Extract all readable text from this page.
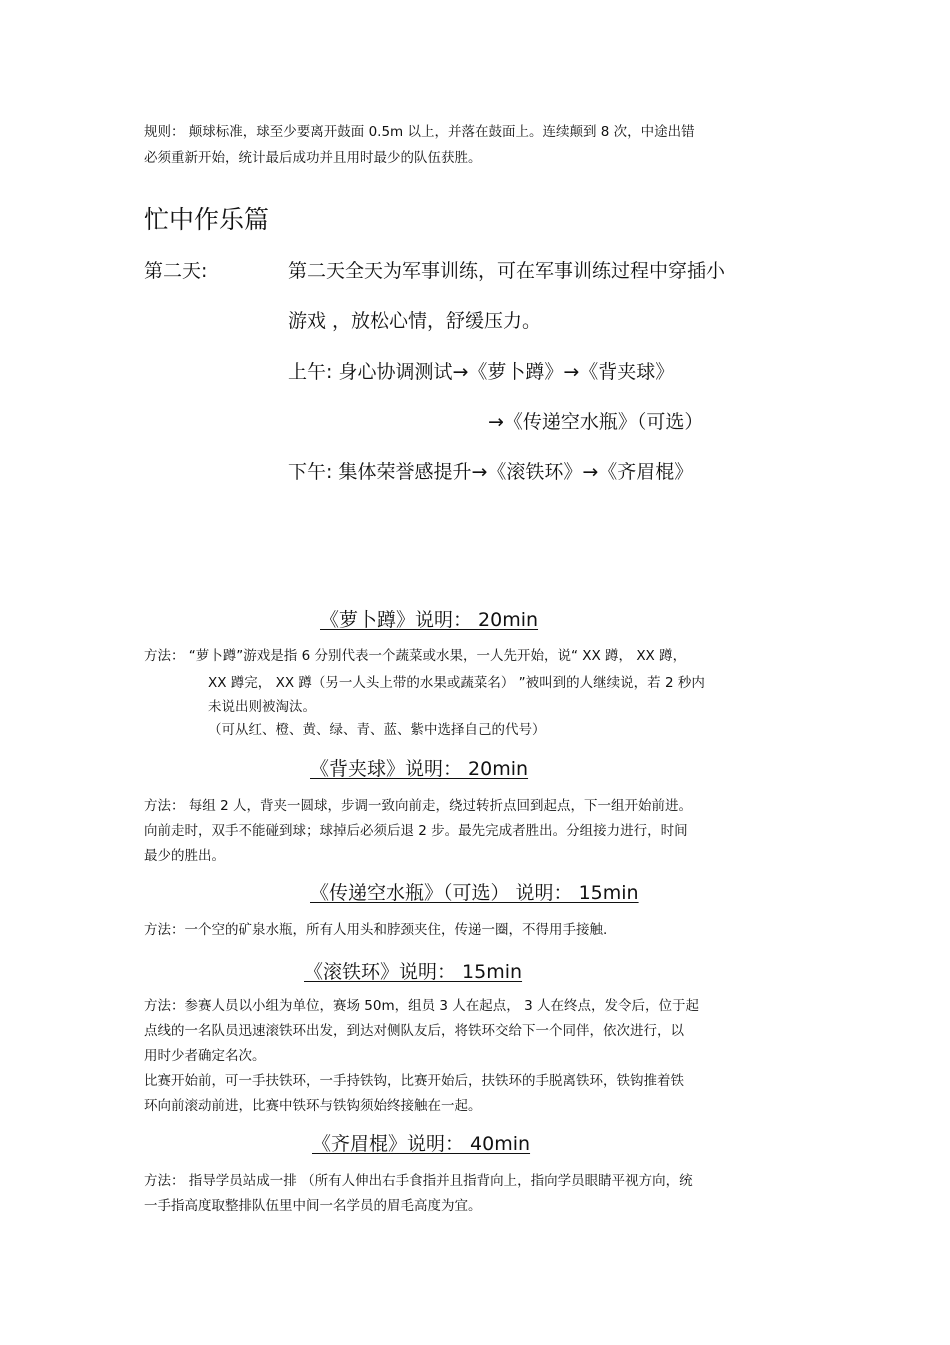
规则： 颠球标准，球至少要离开鼓面 0.5m 以上，并落在鼓面上。连续颠到 8 次，中途出错
必须重新开始，统计最后成功并且用时最少的队伍获胜。
忙中作乐篇
第二天:	第二天全天为军事训练，可在军事训练过程中穿插小
游戏 ，放松心情，舒缓压力。
上午: 身心协调测试→《萝卜蹲》→《背夹球》
→《传递空水瓶》（可选）
下午: 集体荣誉感提升→《滚铁环》→《齐眉棍》
《萝卜蹲》说明： 20min
方法： “萝卜蹲”游戏是指 6 分别代表一个蔬菜或水果，一人先开始，说“ XX 蹲， XX 蹲，
XX 蹲完， XX 蹲（另一人头上带的水果或蔬菜名） ”被叫到的人继续说，若 2 秒内
未说出则被淘汰。
（可从红、橙、黄、绿、青、蓝、紫中选择自己的代号）
《背夹球》说明： 20min
方法： 每组 2 人，背夹一圆球，步调一致向前走，绕过转折点回到起点，下一组开始前进。
向前走时，双手不能碰到球；球掉后必须后退 2 步。最先完成者胜出。分组接力进行，时间
最少的胜出。
《传递空水瓶》（可选） 说明： 15min
方法：一个空的矿泉水瓶，所有人用头和脖颈夹住，传递一圈，不得用手接触.
《滚铁环》说明： 15min
方法：参赛人员以小组为单位，赛场 50m，组员 3 人在起点， 3 人在终点，发令后，位于起
点线的一名队员迅速滚铁环出发，到达对侧队友后，将铁环交给下一个同伴，依次进行，以
用时少者确定名次。
比赛开始前，可一手扶铁环，一手持铁钩，比赛开始后，扶铁环的手脱离铁环，铁钩推着铁
环向前滚动前进，比赛中铁环与铁钩须始终接触在一起。
《齐眉棍》说明： 40min
方法： 指导学员站成一排 （所有人伸出右手食指并且指背向上，指向学员眼睛平视方向，统
一手指高度取整排队伍里中间一名学员的眉毛高度为宜。
